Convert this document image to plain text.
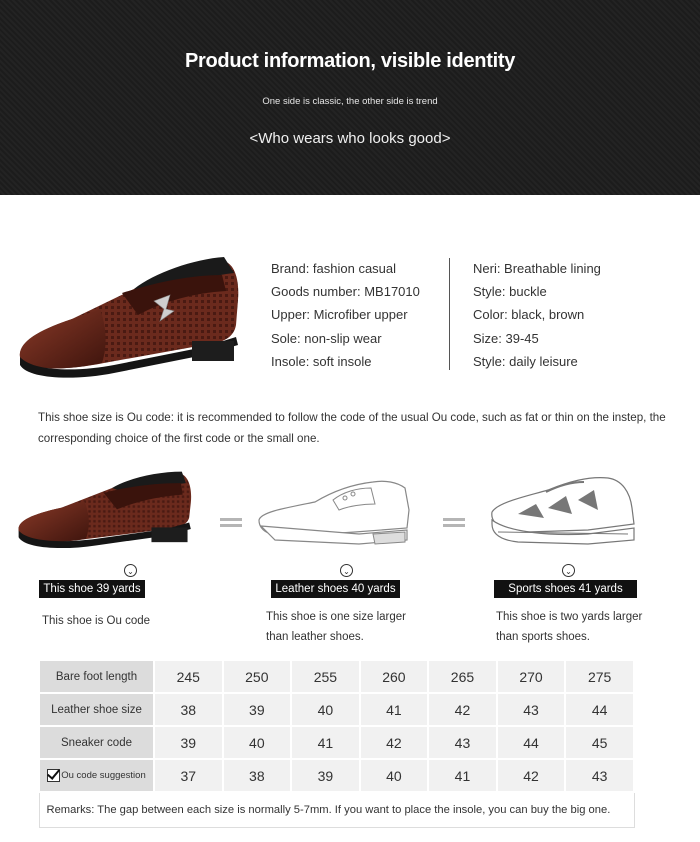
Product information, visible identity
One side is classic, the other side is trend
<Who wears who looks good>
Brand: fashion casual
Goods number: MB17010
Upper: Microfiber upper
Sole: non-slip wear
Insole: soft insole
Neri: Breathable lining
Style: buckle
Color: black, brown
Size: 39-45
Style: daily leisure
This shoe size is Ou code: it is recommended to follow the code of the usual Ou code, such as fat or thin on the instep, the corresponding choice of the first code or the small one.
⌄	⌄	⌄
This shoe 39 yards	Leather shoes 40 yards	Sports shoes 41 yards
This shoe is Ou code	This shoe is one size larger than leather shoes.
This shoe is two yards larger than sports shoes.
Bare foot length	245	250	255	260	265	270	275
Leather shoe size	38	39	40	41	42	43	44
Sneaker code	39	40	41	42	43	44	45
Ou code suggestion	37	38	39	40	41	42	43
Remarks: The gap between each size is normally 5-7mm. If you want to place the insole, you can buy the big one.							
